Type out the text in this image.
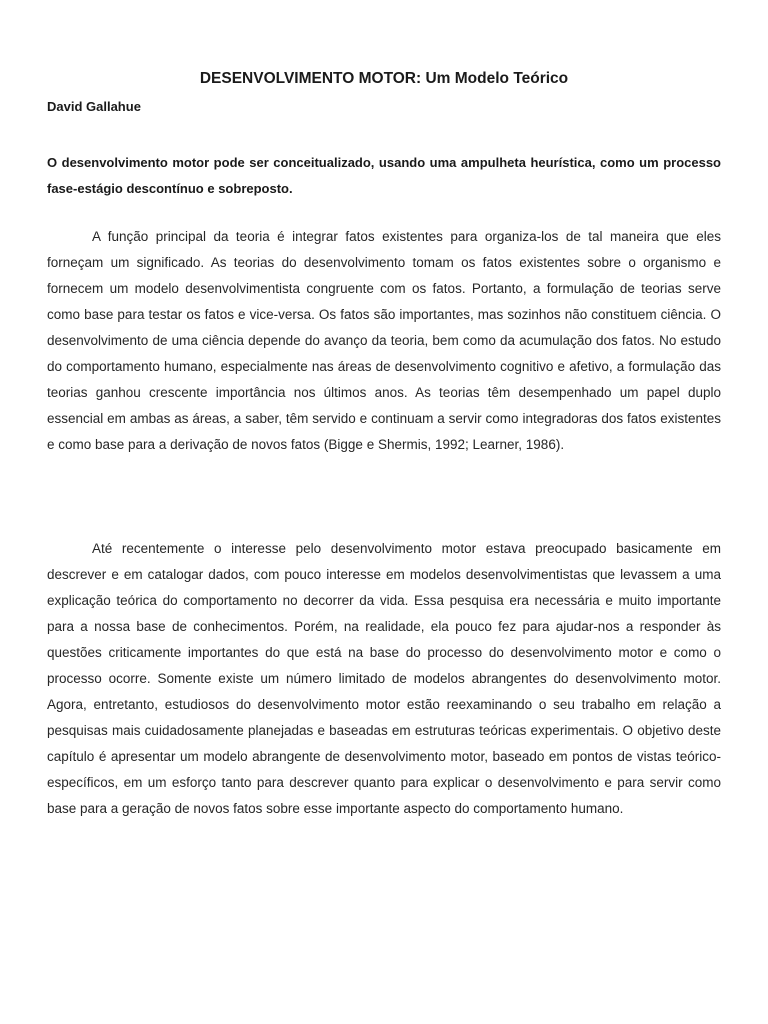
DESENVOLVIMENTO MOTOR: Um Modelo Teórico
David Gallahue

O desenvolvimento motor pode ser conceitualizado, usando uma ampulheta heurística, como um processo fase-estágio descontínuo e sobreposto.

A função principal da teoria é integrar fatos existentes para organiza-los de tal maneira que eles forneçam um significado. As teorias do desenvolvimento tomam os fatos existentes sobre o organismo e fornecem um modelo desenvolvimentista congruente com os fatos. Portanto, a formulação de teorias serve como base para testar os fatos e vice-versa. Os fatos são importantes, mas sozinhos não constituem ciência. O desenvolvimento de uma ciência depende do avanço da teoria, bem como da acumulação dos fatos. No estudo do comportamento humano, especialmente nas áreas de desenvolvimento cognitivo e afetivo, a formulação das teorias ganhou crescente importância nos últimos anos. As teorias têm desempenhado um papel duplo essencial em ambas as áreas, a saber, têm servido e continuam a servir como integradoras dos fatos existentes e como base para a derivação de novos fatos (Bigge e Shermis, 1992; Learner, 1986).

Até recentemente o interesse pelo desenvolvimento motor estava preocupado basicamente em descrever e em catalogar dados, com pouco interesse em modelos desenvolvimentistas que levassem a uma explicação teórica do comportamento no decorrer da vida. Essa pesquisa era necessária e muito importante para a nossa base de conhecimentos. Porém, na realidade, ela pouco fez para ajudar-nos a responder às questões criticamente importantes do que está na base do processo do desenvolvimento motor e como o processo ocorre. Somente existe um número limitado de modelos abrangentes do desenvolvimento motor. Agora, entretanto, estudiosos do desenvolvimento motor estão reexaminando o seu trabalho em relação a pesquisas mais cuidadosamente planejadas e baseadas em estruturas teóricas experimentais. O objetivo deste capítulo é apresentar um modelo abrangente de desenvolvimento motor, baseado em pontos de vistas teórico-específicos, em um esforço tanto para descrever quanto para explicar o desenvolvimento e para servir como base para a geração de novos fatos sobre esse importante aspecto do comportamento humano.
